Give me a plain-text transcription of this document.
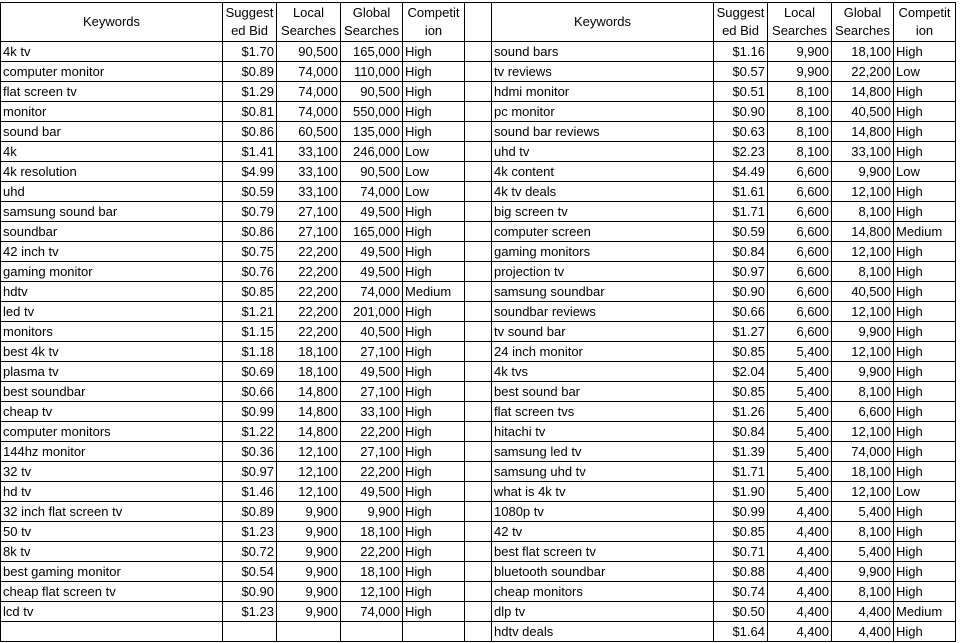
Keywords	Suggest ed Bid	Local Searches	Global Searches	Competit ion		Keywords	Suggest ed Bid	Local Searches	Global Searches	Competit ion
4k tv	$1.70	90,500	165,000	High		sound bars	$1.16	9,900	18,100	High
computer monitor	$0.89	74,000	110,000	High		tv reviews	$0.57	9,900	22,200	Low
flat screen tv	$1.29	74,000	90,500	High		hdmi monitor	$0.51	8,100	14,800	High
monitor	$0.81	74,000	550,000	High		pc monitor	$0.90	8,100	40,500	High
sound bar	$0.86	60,500	135,000	High		sound bar reviews	$0.63	8,100	14,800	High
4k	$1.41	33,100	246,000	Low		uhd tv	$2.23	8,100	33,100	High
4k resolution	$4.99	33,100	90,500	Low		4k content	$4.49	6,600	9,900	Low
uhd	$0.59	33,100	74,000	Low		4k tv deals	$1.61	6,600	12,100	High
samsung sound bar	$0.79	27,100	49,500	High		big screen tv	$1.71	6,600	8,100	High
soundbar	$0.86	27,100	165,000	High		computer screen	$0.59	6,600	14,800	Medium
42 inch tv	$0.75	22,200	49,500	High		gaming monitors	$0.84	6,600	12,100	High
gaming monitor	$0.76	22,200	49,500	High		projection tv	$0.97	6,600	8,100	High
hdtv	$0.85	22,200	74,000	Medium		samsung soundbar	$0.90	6,600	40,500	High
led tv	$1.21	22,200	201,000	High		soundbar reviews	$0.66	6,600	12,100	High
monitors	$1.15	22,200	40,500	High		tv sound bar	$1.27	6,600	9,900	High
best 4k tv	$1.18	18,100	27,100	High		24 inch monitor	$0.85	5,400	12,100	High
plasma tv	$0.69	18,100	49,500	High		4k tvs	$2.04	5,400	9,900	High
best soundbar	$0.66	14,800	27,100	High		best sound bar	$0.85	5,400	8,100	High
cheap tv	$0.99	14,800	33,100	High		flat screen tvs	$1.26	5,400	6,600	High
computer monitors	$1.22	14,800	22,200	High		hitachi tv	$0.84	5,400	12,100	High
144hz monitor	$0.36	12,100	27,100	High		samsung led tv	$1.39	5,400	74,000	High
32 tv	$0.97	12,100	22,200	High		samsung uhd tv	$1.71	5,400	18,100	High
hd tv	$1.46	12,100	49,500	High		what is 4k tv	$1.90	5,400	12,100	Low
32 inch flat screen tv	$0.89	9,900	9,900	High		1080p tv	$0.99	4,400	5,400	High
50 tv	$1.23	9,900	18,100	High		42 tv	$0.85	4,400	8,100	High
8k tv	$0.72	9,900	22,200	High		best flat screen tv	$0.71	4,400	5,400	High
best gaming monitor	$0.54	9,900	18,100	High		bluetooth soundbar	$0.88	4,400	9,900	High
cheap flat screen tv	$0.90	9,900	12,100	High		cheap monitors	$0.74	4,400	8,100	High
lcd tv	$1.23	9,900	74,000	High		dlp tv	$0.50	4,400	4,400	Medium
						hdtv deals	$1.64	4,400	4,400	High
